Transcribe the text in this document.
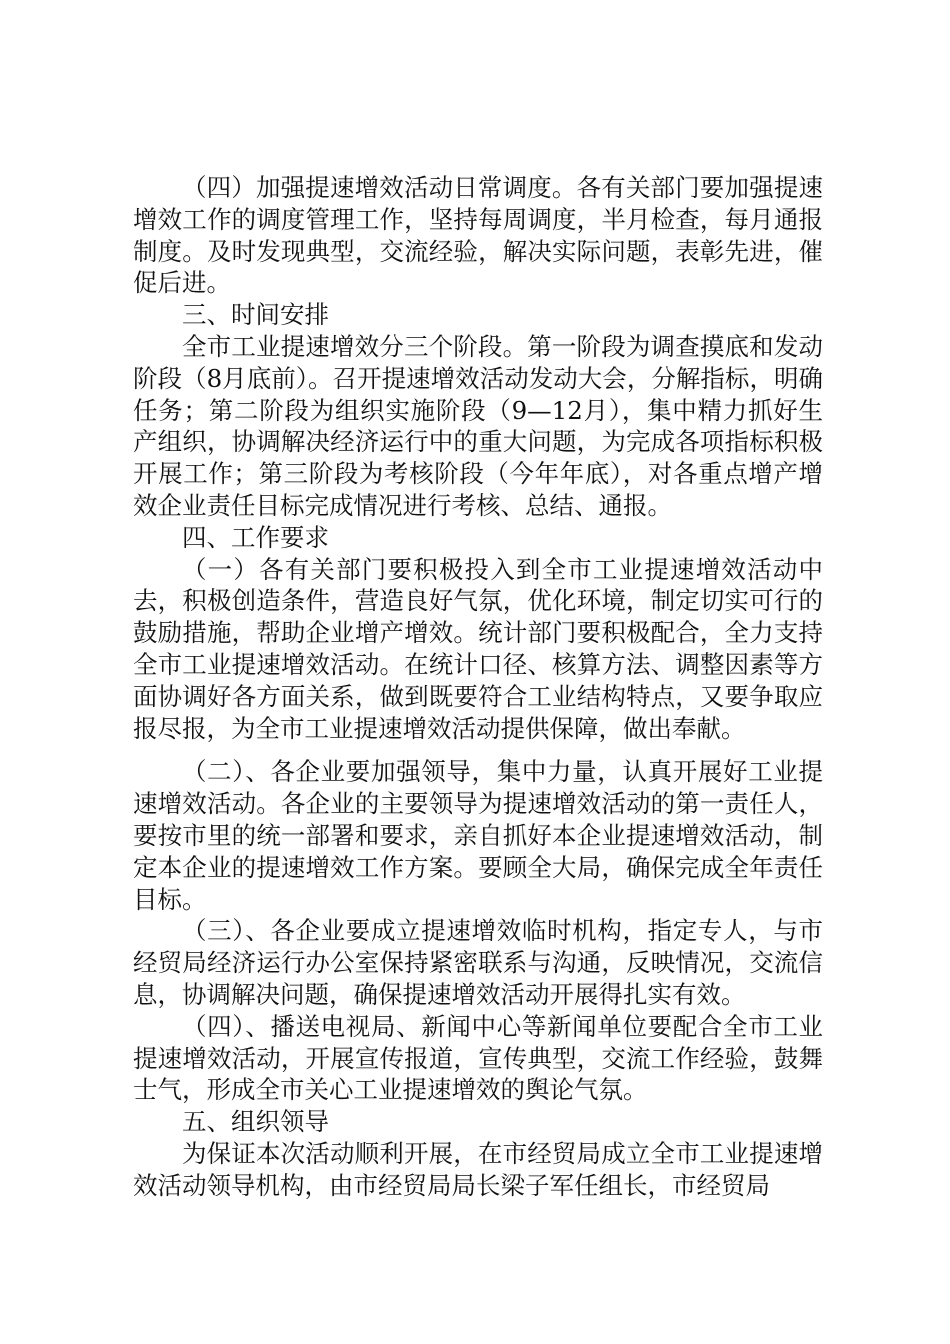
（四）加强提速增效活动日常调度。各有关部门要加强提速增效工作的调度管理工作，坚持每周调度，半月检查，每月通报制度。及时发现典型，交流经验，解决实际问题，表彰先进，催促后进。

三、时间安排

全市工业提速增效分三个阶段。第一阶段为调查摸底和发动阶段（8月底前）。召开提速增效活动发动大会，分解指标，明确任务；第二阶段为组织实施阶段（9—12月），集中精力抓好生产组织，协调解决经济运行中的重大问题，为完成各项指标积极开展工作；第三阶段为考核阶段（今年年底），对各重点增产增效企业责任目标完成情况进行考核、总结、通报。

四、工作要求

（一）各有关部门要积极投入到全市工业提速增效活动中去，积极创造条件，营造良好气氛，优化环境，制定切实可行的鼓励措施，帮助企业增产增效。统计部门要积极配合，全力支持全市工业提速增效活动。在统计口径、核算方法、调整因素等方面协调好各方面关系，做到既要符合工业结构特点，又要争取应报尽报，为全市工业提速增效活动提供保障，做出奉献。

（二）、各企业要加强领导，集中力量，认真开展好工业提速增效活动。各企业的主要领导为提速增效活动的第一责任人，要按市里的统一部署和要求，亲自抓好本企业提速增效活动，制定本企业的提速增效工作方案。要顾全大局，确保完成全年责任目标。

（三）、各企业要成立提速增效临时机构，指定专人，与市经贸局经济运行办公室保持紧密联系与沟通，反映情况，交流信息，协调解决问题，确保提速增效活动开展得扎实有效。

（四）、播送电视局、新闻中心等新闻单位要配合全市工业提速增效活动，开展宣传报道，宣传典型，交流工作经验，鼓舞士气，形成全市关心工业提速增效的舆论气氛。

五、组织领导

为保证本次活动顺利开展，在市经贸局成立全市工业提速增效活动领导机构，由市经贸局局长梁子军任组长，市经贸局
